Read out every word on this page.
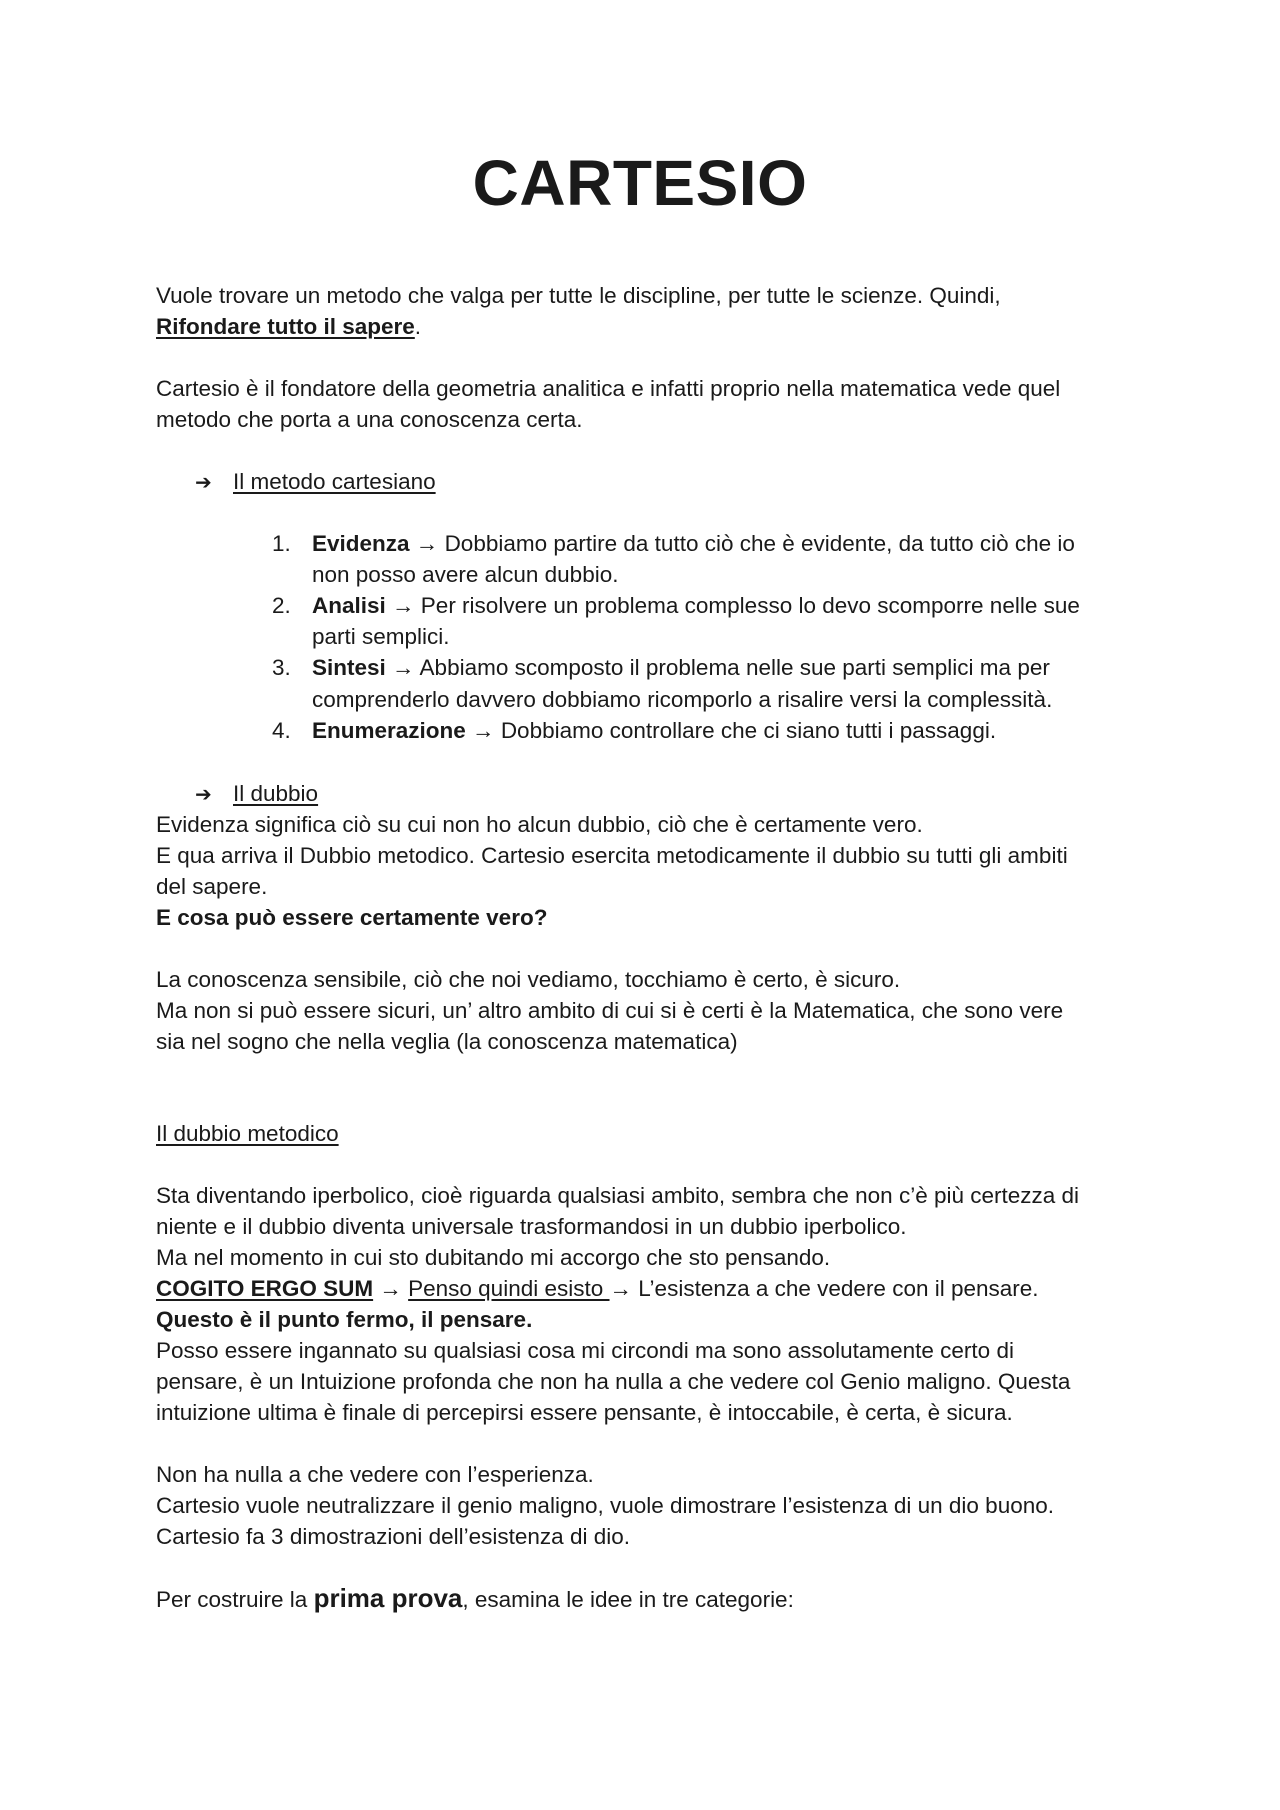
CARTESIO
Vuole trovare un metodo che valga per tutte le discipline, per tutte le scienze. Quindi,
Rifondare tutto il sapere.
Cartesio è il fondatore della geometria analitica e infatti proprio nella matematica vede quel
metodo che porta a una conoscenza certa.
➔ Il metodo cartesiano
1. Evidenza → Dobbiamo partire da tutto ciò che è evidente, da tutto ciò che io
non posso avere alcun dubbio.
2. Analisi → Per risolvere un problema complesso lo devo scomporre nelle sue
parti semplici.
3. Sintesi → Abbiamo scomposto il problema nelle sue parti semplici ma per
comprenderlo davvero dobbiamo ricomporlo a risalire versi la complessità.
4. Enumerazione → Dobbiamo controllare che ci siano tutti i passaggi.
➔ Il dubbio
Evidenza significa ciò su cui non ho alcun dubbio, ciò che è certamente vero.
E qua arriva il Dubbio metodico. Cartesio esercita metodicamente il dubbio su tutti gli ambiti
del sapere.
E cosa può essere certamente vero?
La conoscenza sensibile, ciò che noi vediamo, tocchiamo è certo, è sicuro.
Ma non si può essere sicuri, un’ altro ambito di cui si è certi è la Matematica, che sono vere
sia nel sogno che nella veglia (la conoscenza matematica)
Il dubbio metodico
Sta diventando iperbolico, cioè riguarda qualsiasi ambito, sembra che non c’è più certezza di
niente e il dubbio diventa universale trasformandosi in un dubbio iperbolico.
Ma nel momento in cui sto dubitando mi accorgo che sto pensando.
COGITO ERGO SUM → Penso quindi esisto → L’esistenza a che vedere con il pensare.
Questo è il punto fermo, il pensare.
Posso essere ingannato su qualsiasi cosa mi circondi ma sono assolutamente certo di
pensare, è un Intuizione profonda che non ha nulla a che vedere col Genio maligno. Questa
intuizione ultima è finale di percepirsi essere pensante, è intoccabile, è certa, è sicura.
Non ha nulla a che vedere con l’esperienza.
Cartesio vuole neutralizzare il genio maligno, vuole dimostrare l’esistenza di un dio buono.
Cartesio fa 3 dimostrazioni dell’esistenza di dio.
Per costruire la prima prova, esamina le idee in tre categorie:
